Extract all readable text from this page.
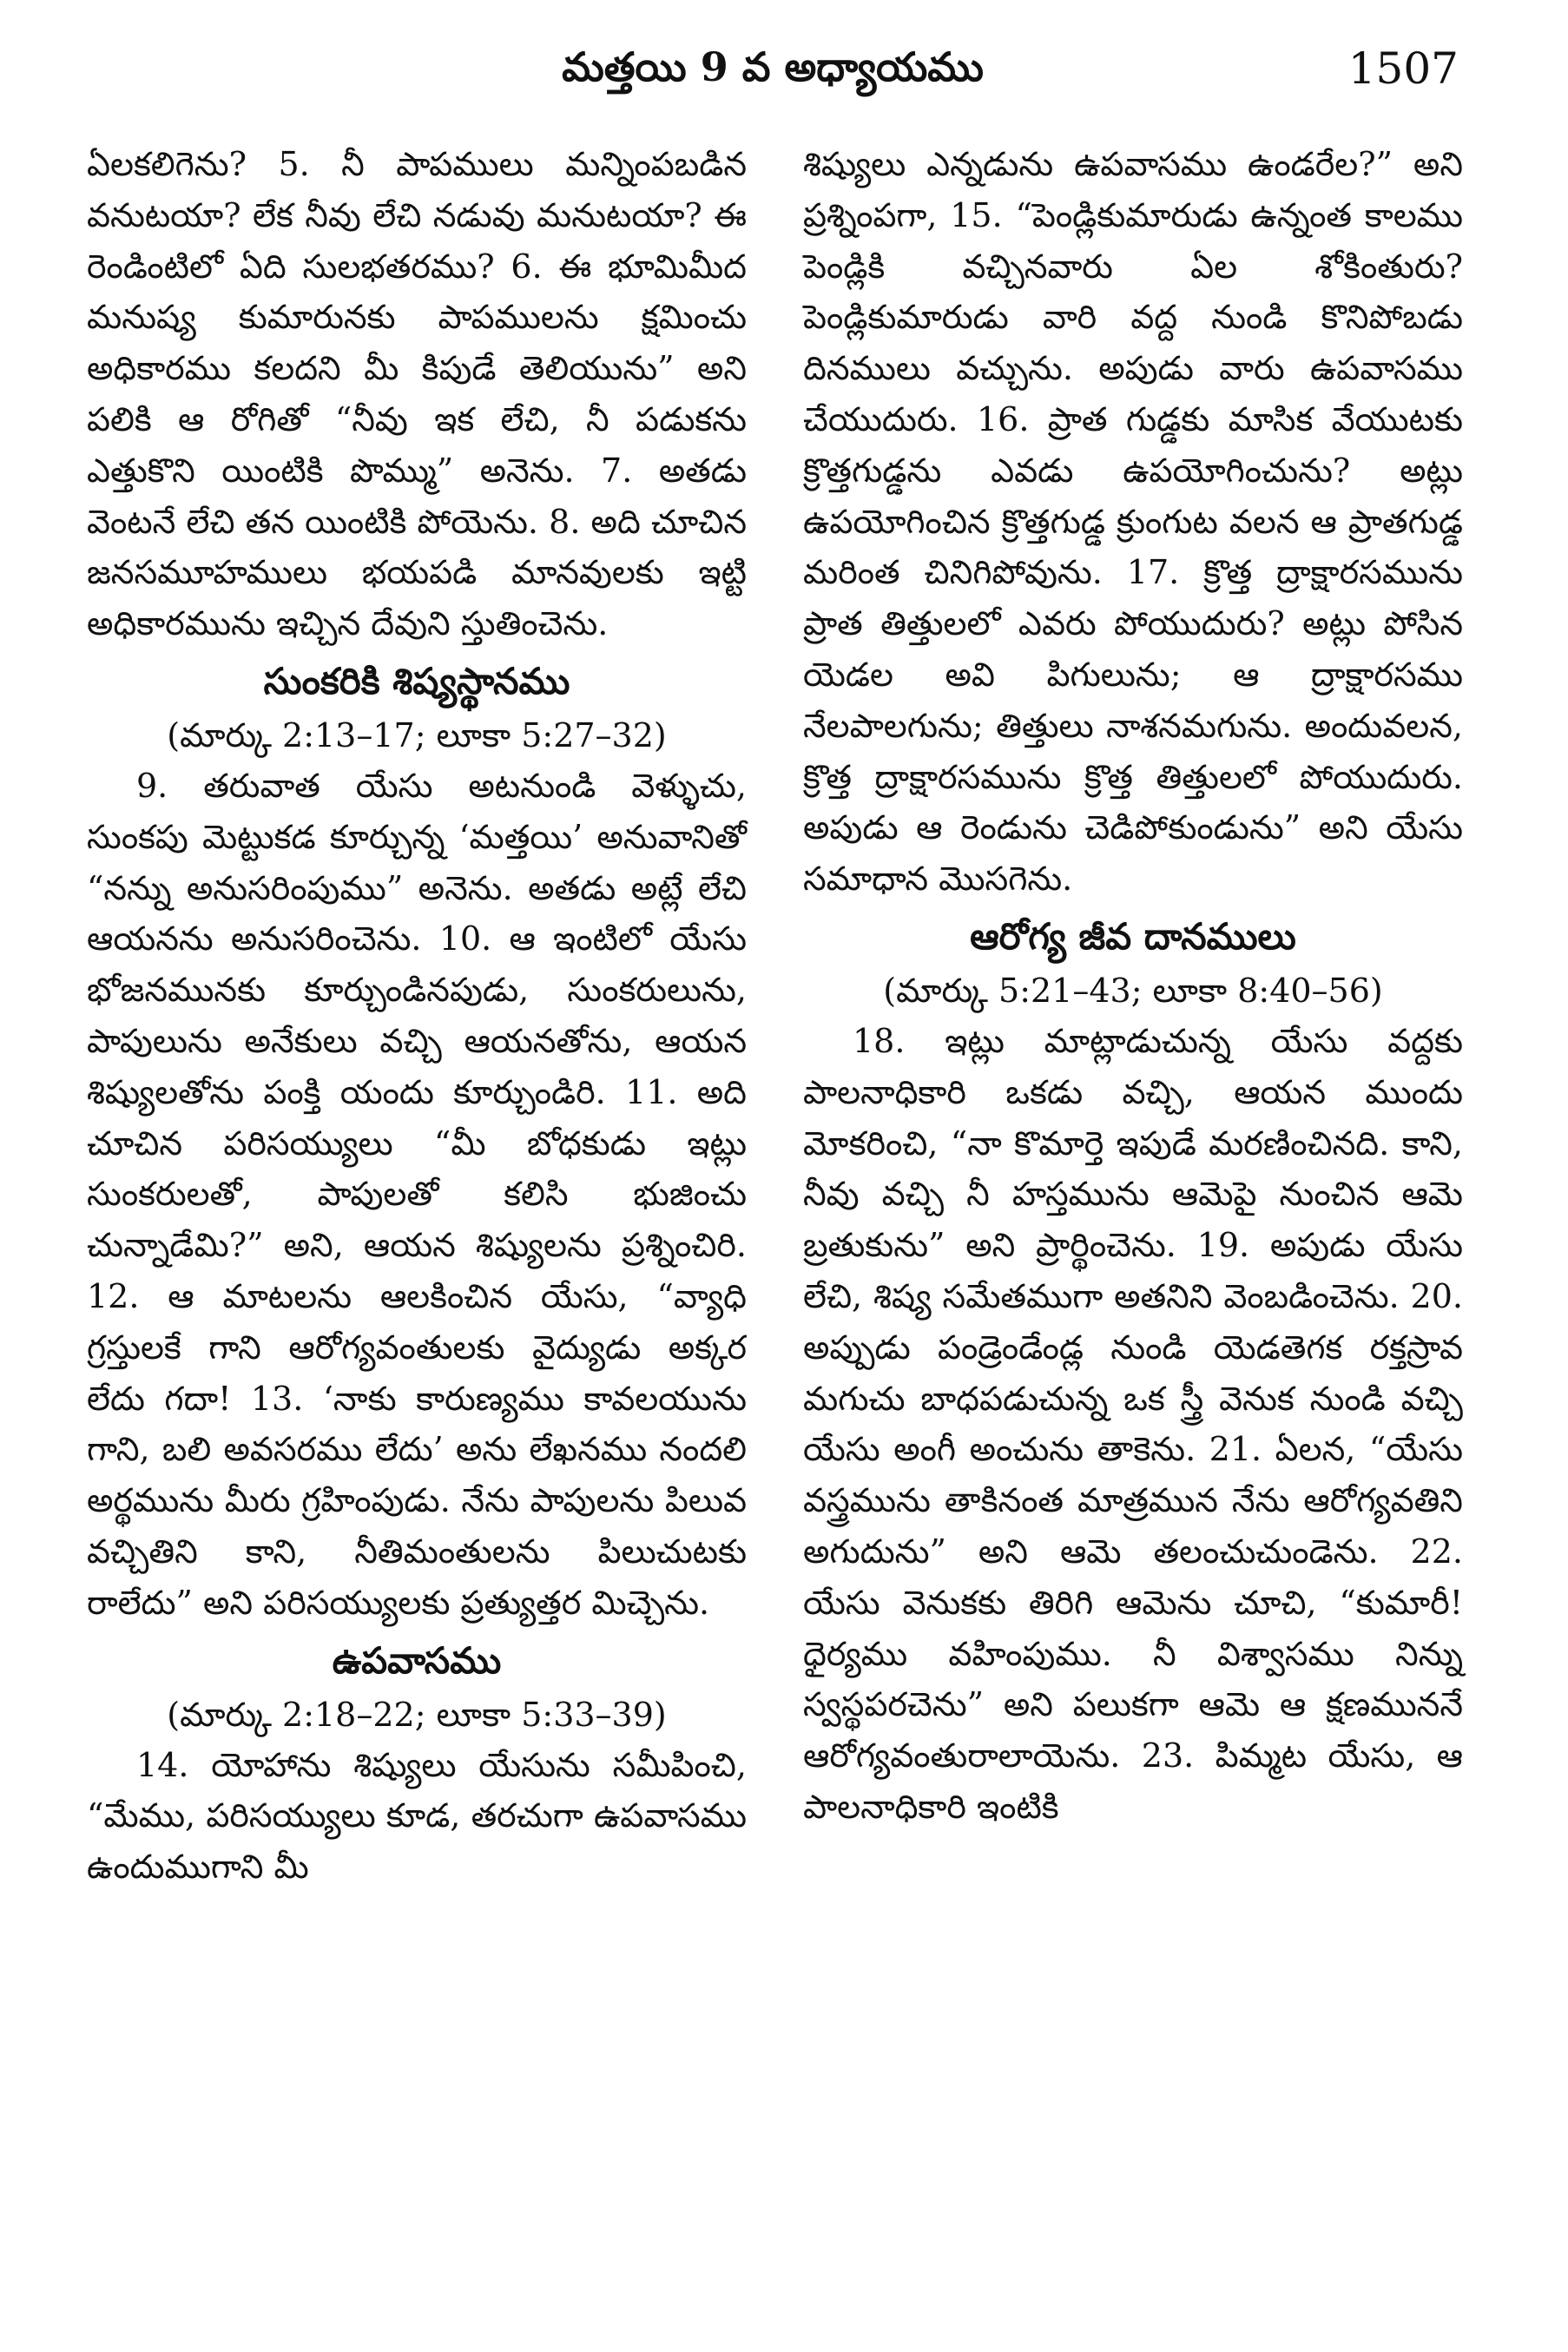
మత్తయి 9 వ అధ్యాయము	1507

ఏలకలిగెను? 5. నీ పాపములు మన్నింపబడిన వనుటయా? లేక నీవు లేచి నడువు మనుటయా? ఈ రెండింటిలో ఏది సులభతరము? 6. ఈ భూమిమీద మనుష్య కుమారునకు పాపములను క్షమించు అధికారము కలదని మీ కిపుడే తెలియును” అని పలికి ఆ రోగితో “నీవు ఇక లేచి, నీ పడుకను ఎత్తుకొని యింటికి పొమ్ము” అనెను. 7. అతడు వెంటనే లేచి తన యింటికి పోయెను. 8. అది చూచిన జనసమూహములు భయపడి మానవులకు ఇట్టి అధికారమును ఇచ్చిన దేవుని స్తుతించెను.

సుంకరికి శిష్యస్థానము
(మార్కు 2:13–17; లూకా 5:27–32)

9. తరువాత యేసు అటనుండి వెళ్ళుచు, సుంకపు మెట్టుకడ కూర్చున్న ‘మత్తయి’ అనువానితో “నన్ను అనుసరింపుము” అనెను. అతడు అట్లే లేచి ఆయనను అనుసరించెను. 10. ఆ ఇంటిలో యేసు భోజనమునకు కూర్చుండినపుడు, సుంకరులును, పాపులును అనేకులు వచ్చి ఆయనతోను, ఆయన శిష్యులతోను పంక్తి యందు కూర్చుండిరి. 11. అది చూచిన పరిసయ్యులు “మీ బోధకుడు ఇట్లు సుంకరులతో, పాపులతో కలిసి భుజించు చున్నాడేమి?” అని, ఆయన శిష్యులను ప్రశ్నించిరి. 12. ఆ మాటలను ఆలకించిన యేసు, “వ్యాధి గ్రస్తులకే గాని ఆరోగ్యవంతులకు వైద్యుడు అక్కర లేదు గదా! 13. ‘నాకు కారుణ్యము కావలయును గాని, బలి అవసరము లేదు’ అను లేఖనము నందలి అర్థమును మీరు గ్రహింపుడు. నేను పాపులను పిలువ వచ్చితిని కాని, నీతిమంతులను పిలుచుటకు రాలేదు” అని పరిసయ్యులకు ప్రత్యుత్తర మిచ్చెను.

ఉపవాసము
(మార్కు 2:18–22; లూకా 5:33–39)

14. యోహాను శిష్యులు యేసును సమీపించి, “మేము, పరిసయ్యులు కూడ, తరచుగా ఉపవాసము ఉందుముగాని మీ

శిష్యులు ఎన్నడును ఉపవాసము ఉండరేల?” అని ప్రశ్నింపగా, 15. “పెండ్లికుమారుడు ఉన్నంత కాలము పెండ్లికి వచ్చినవారు ఏల శోకింతురు? పెండ్లికుమారుడు వారి వద్ద నుండి కొనిపోబడు దినములు వచ్చును. అపుడు వారు ఉపవాసము చేయుదురు. 16. ప్రాత గుడ్డకు మాసిక వేయుటకు క్రొత్తగుడ్డను ఎవడు ఉపయోగించును? అట్లు ఉపయోగించిన క్రొత్తగుడ్డ క్రుంగుట వలన ఆ ప్రాతగుడ్డ మరింత చినిగిపోవును. 17. క్రొత్త ద్రాక్షారసమును ప్రాత తిత్తులలో ఎవరు పోయుదురు? అట్లు పోసిన యెడల అవి పిగులును; ఆ ద్రాక్షారసము నేలపాలగును; తిత్తులు నాశనమగును. అందువలన, క్రొత్త ద్రాక్షారసమును క్రొత్త తిత్తులలో పోయుదురు. అపుడు ఆ రెండును చెడిపోకుండును” అని యేసు సమాధాన మొసగెను.

ఆరోగ్య జీవ దానములు
(మార్కు 5:21–43; లూకా 8:40–56)

18. ఇట్లు మాట్లాడుచున్న యేసు వద్దకు పాలనాధికారి ఒకడు వచ్చి, ఆయన ముందు మోకరించి, “నా కొమార్తె ఇపుడే మరణించినది. కాని, నీవు వచ్చి నీ హస్తమును ఆమెపై నుంచిన ఆమె బ్రతుకును” అని ప్రార్థించెను. 19. అపుడు యేసు లేచి, శిష్య సమేతముగా అతనిని వెంబడించెను. 20. అప్పుడు పండ్రెండేండ్ల నుండి యెడతెగక రక్తస్రావ మగుచు బాధపడుచున్న ఒక స్త్రీ వెనుక నుండి వచ్చి యేసు అంగీ అంచును తాకెను. 21. ఏలన, “యేసు వస్త్రమును తాకినంత మాత్రమున నేను ఆరోగ్యవతిని అగుదును” అని ఆమె తలంచుచుండెను. 22. యేసు వెనుకకు తిరిగి ఆమెను చూచి, “కుమారీ! ధైర్యము వహింపుము. నీ విశ్వాసము నిన్ను స్వస్థపరచెను” అని పలుకగా ఆమె ఆ క్షణముననే ఆరోగ్యవంతురాలాయెను. 23. పిమ్మట యేసు, ఆ పాలనాధికారి ఇంటికి
